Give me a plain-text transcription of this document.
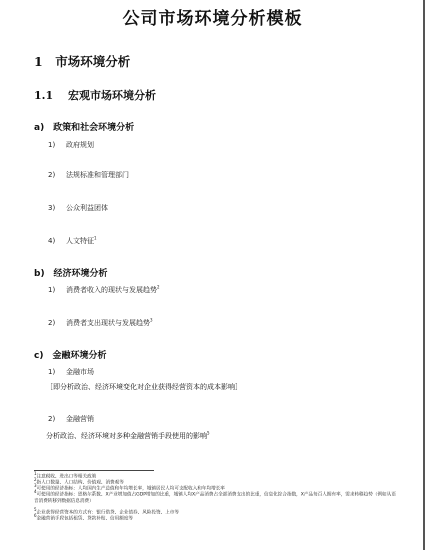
公司市场环境分析模板
1　市场环境分析
1.1　 宏观市场环境分析
a)　政策和社会环境分析
1) 政府规划
2) 法规标准和管理部门
3) 公众利益团体
4) 人文特征$^1$
b)　经济环境分析
1) 消费者收入的现状与发展趋势$^2$
2) 消费者支出现状与发展趋势$^3$
c)　金融环境分析
1) 金融市场
［即分析政治、经济环境变化对企业获得经营资本的成本影响］
2) 金融营销
分析政治、经济环境对多种金融营销手段使用的影响$^5$
$^1$注意税收、进出口等相关政策
$^2$指人口数量、人口结构、价值观、消费观等
$^3$可使用的经济指标：人均国内生产总值和年均增长率，城镇居民人均可支配收入和年均增长率
$^4$可使用的经济指标：恩格尔系数、X产业增加值占GDP增加的比重，城镇人均X产品消费占全部消费支出的比重，信息化综合指数，X产品每百人拥有率，需求转移趋势（例如从语音消费转移到数据信息消费）
$^5$企业获得经营资本的方式有：银行借贷、企业债券、风险投资、上市等
$^6$金融营销手段包括租赁、贷款补贴、信用额度等
